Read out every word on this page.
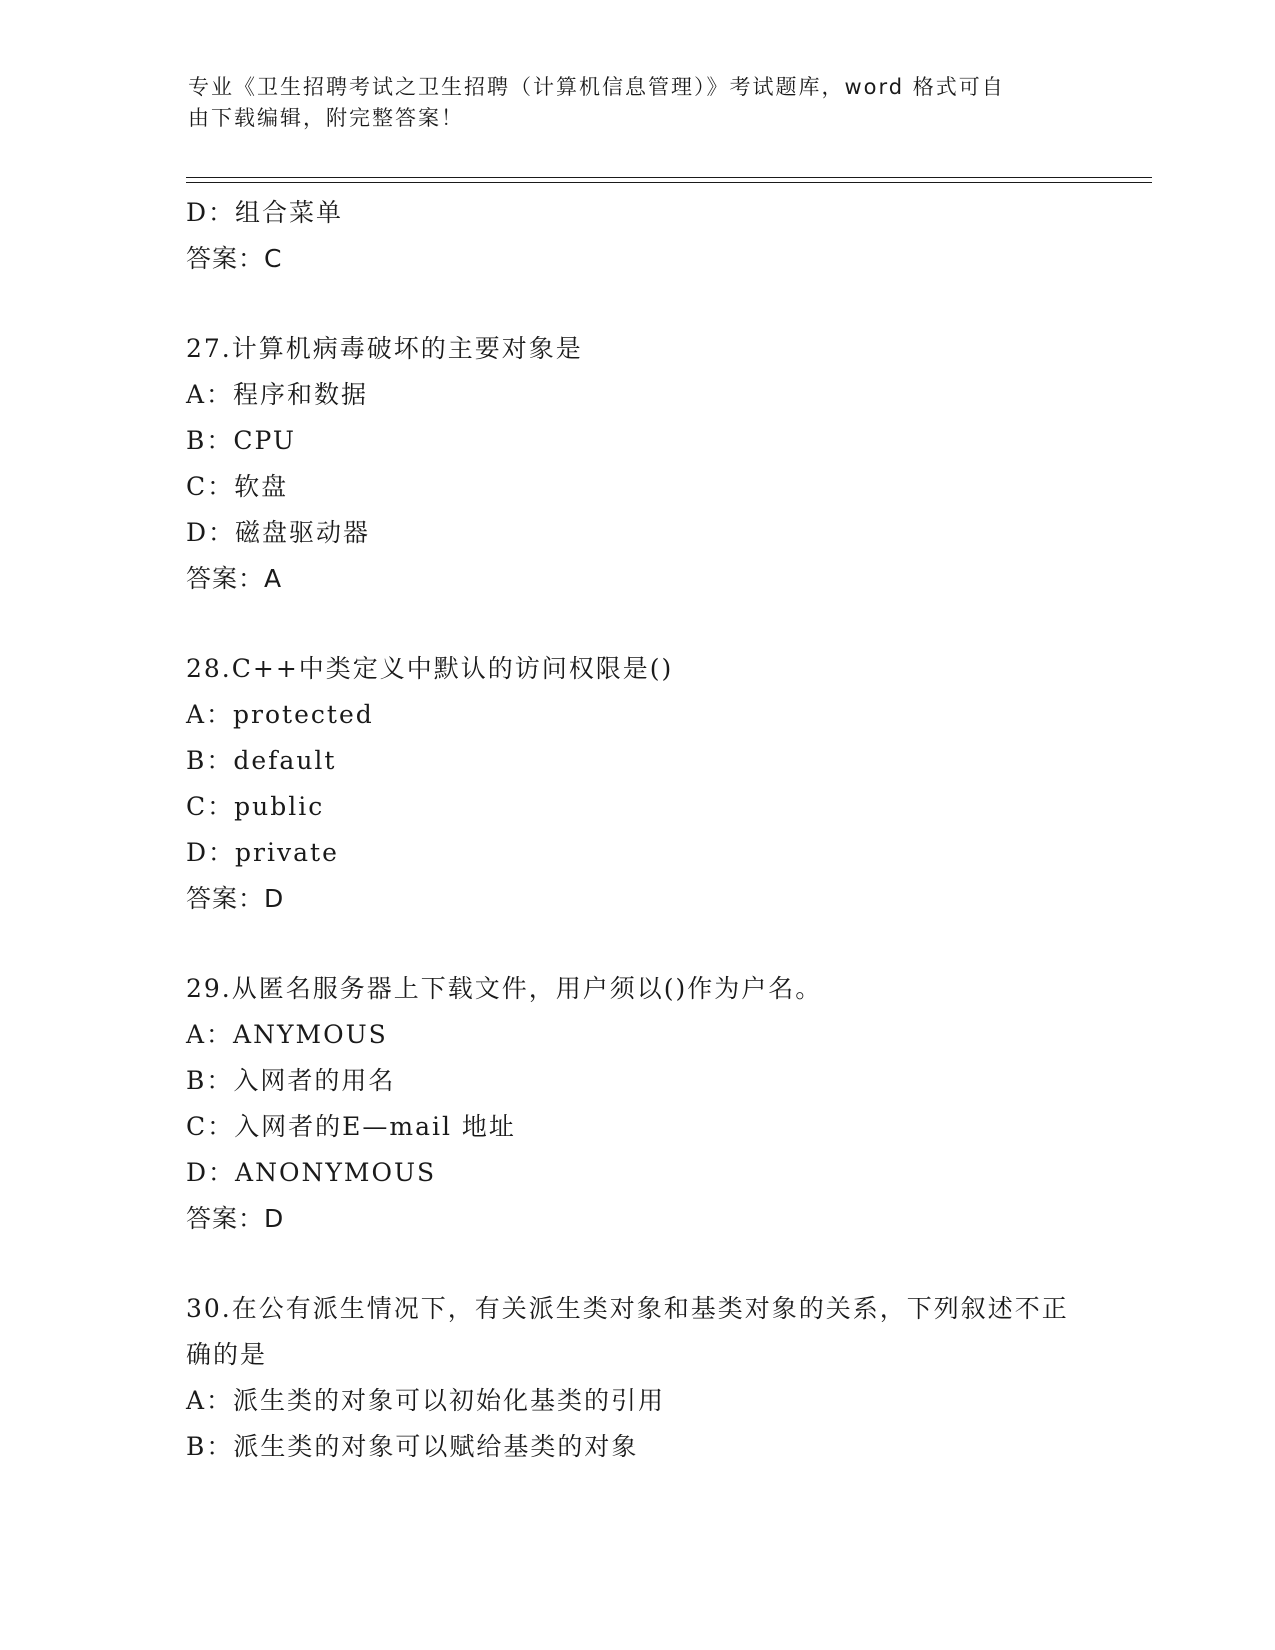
专业《卫生招聘考试之卫生招聘（计算机信息管理）》考试题库，word 格式可自
由下载编辑，附完整答案！
D：组合菜单
答案：C
27.计算机病毒破坏的主要对象是
A：程序和数据
B：CPU
C：软盘
D：磁盘驱动器
答案：A
28.C++中类定义中默认的访问权限是()
A：protected
B：default
C：public
D：private
答案：D
29.从匿名服务器上下载文件，用户须以()作为户名。
A：ANYMOUS
B：入网者的用名
C：入网者的E—mail 地址
D：ANONYMOUS
答案：D
30.在公有派生情况下，有关派生类对象和基类对象的关系，下列叙述不正确的是
A：派生类的对象可以初始化基类的引用
B：派生类的对象可以赋给基类的对象
